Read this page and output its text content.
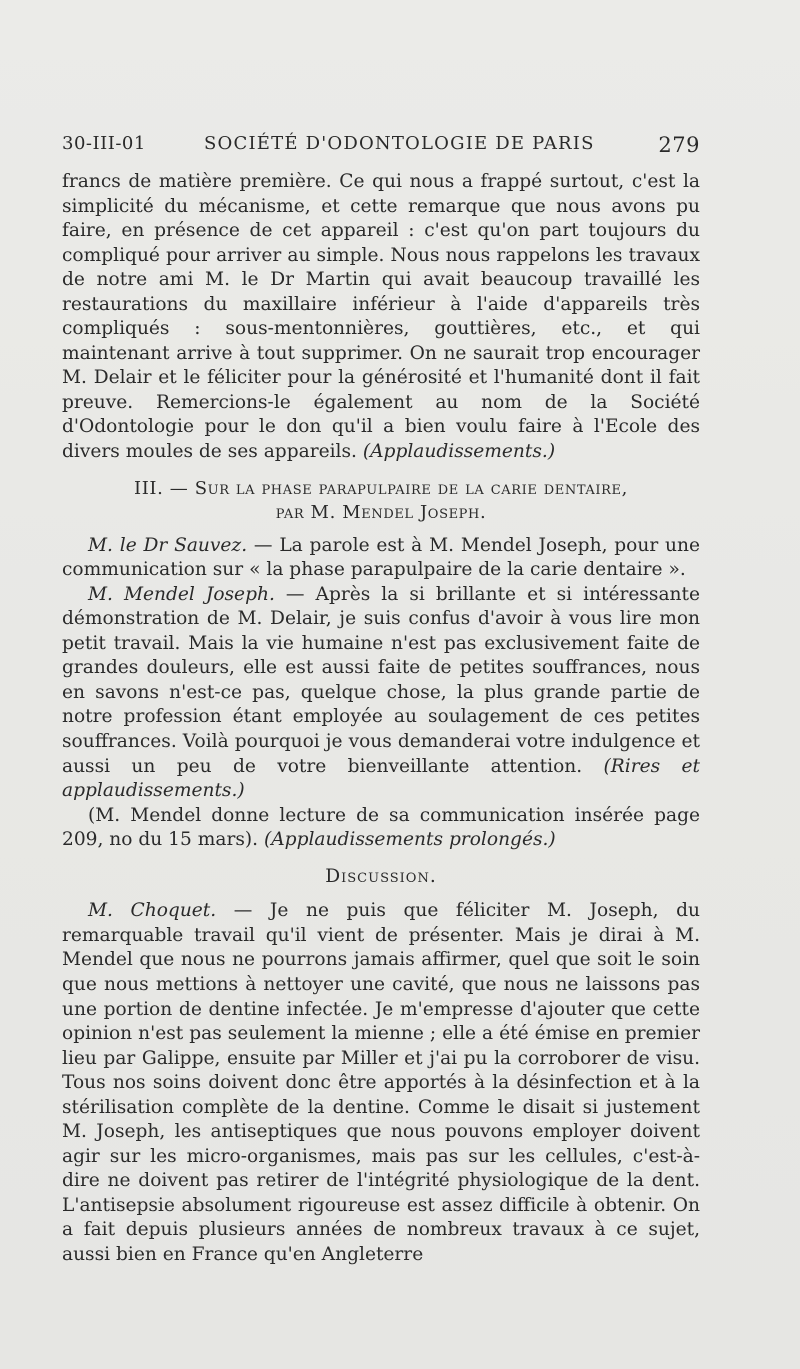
30-III-01	SOCIÉTÉ D'ODONTOLOGIE DE PARIS	279

francs de matière première. Ce qui nous a frappé surtout, c'est la simplicité du mécanisme, et cette remarque que nous avons pu faire, en présence de cet appareil : c'est qu'on part toujours du compliqué pour arriver au simple. Nous nous rappelons les travaux de notre ami M. le Dr Martin qui avait beaucoup travaillé les restaurations du maxillaire inférieur à l'aide d'appareils très compliqués : sous-mentonnières, gouttières, etc., et qui maintenant arrive à tout supprimer. On ne saurait trop encourager M. Delair et le féliciter pour la générosité et l'humanité dont il fait preuve. Remercions-le également au nom de la Société d'Odontologie pour le don qu'il a bien voulu faire à l'Ecole des divers moules de ses appareils. (Applaudissements.)

III. — Sur la phase parapulpaire de la carie dentaire,

par M. Mendel Joseph.

M. le Dr Sauvez. — La parole est à M. Mendel Joseph, pour une communication sur « la phase parapulpaire de la carie dentaire ».

M. Mendel Joseph. — Après la si brillante et si intéressante démonstration de M. Delair, je suis confus d'avoir à vous lire mon petit travail. Mais la vie humaine n'est pas exclusivement faite de grandes douleurs, elle est aussi faite de petites souffrances, nous en savons n'est-ce pas, quelque chose, la plus grande partie de notre profession étant employée au soulagement de ces petites souffrances. Voilà pourquoi je vous demanderai votre indulgence et aussi un peu de votre bienveillante attention. (Rires et applaudissements.)

(M. Mendel donne lecture de sa communication insérée page 209, no du 15 mars). (Applaudissements prolongés.)

Discussion.

M. Choquet. — Je ne puis que féliciter M. Joseph, du remarquable travail qu'il vient de présenter. Mais je dirai à M. Mendel que nous ne pourrons jamais affirmer, quel que soit le soin que nous mettions à nettoyer une cavité, que nous ne laissons pas une portion de dentine infectée. Je m'empresse d'ajouter que cette opinion n'est pas seulement la mienne ; elle a été émise en premier lieu par Galippe, ensuite par Miller et j'ai pu la corroborer de visu. Tous nos soins doivent donc être apportés à la désinfection et à la stérilisation complète de la dentine. Comme le disait si justement M. Joseph, les antiseptiques que nous pouvons employer doivent agir sur les micro-organismes, mais pas sur les cellules, c'est-à-dire ne doivent pas retirer de l'intégrité physiologique de la dent. L'antisepsie absolument rigoureuse est assez difficile à obtenir. On a fait depuis plusieurs années de nombreux travaux à ce sujet, aussi bien en France qu'en Angleterre
